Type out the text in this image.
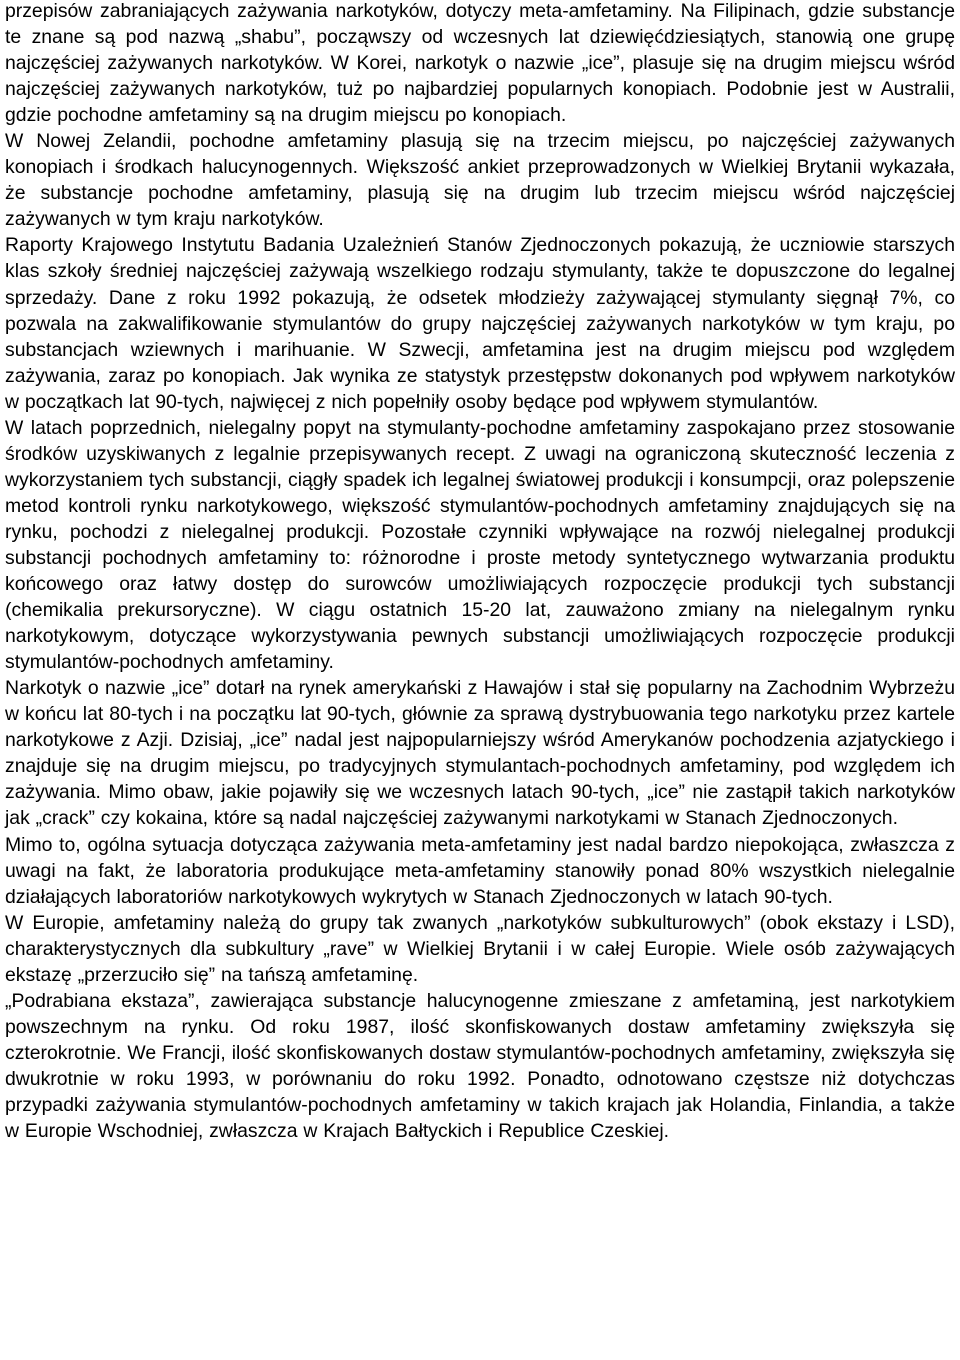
przepisów zabraniających zażywania narkotyków, dotyczy meta-amfetaminy. Na Filipinach, gdzie substancje te znane są pod nazwą „shabu”, począwszy od wczesnych lat dziewięćdziesiątych, stanowią one grupę najczęściej zażywanych narkotyków. W Korei, narkotyk o nazwie „ice”, plasuje się na drugim miejscu wśród najczęściej zażywanych narkotyków, tuż po najbardziej popularnych konopiach. Podobnie jest w Australii, gdzie pochodne amfetaminy są na drugim miejscu po konopiach.

W Nowej Zelandii, pochodne amfetaminy plasują się na trzecim miejscu, po najczęściej zażywanych konopiach i środkach halucynogennych. Większość ankiet przeprowadzonych w Wielkiej Brytanii wykazała, że substancje pochodne amfetaminy, plasują się na drugim lub trzecim miejscu wśród najczęściej zażywanych w tym kraju narkotyków.

Raporty Krajowego Instytutu Badania Uzależnień Stanów Zjednoczonych pokazują, że uczniowie starszych klas szkoły średniej najczęściej zażywają wszelkiego rodzaju stymulanty, także te dopuszczone do legalnej sprzedaży. Dane z roku 1992 pokazują, że odsetek młodzieży zażywającej stymulanty sięgnął 7%, co pozwala na zakwalifikowanie stymulantów do grupy najczęściej zażywanych narkotyków w tym kraju, po substancjach wziewnych i marihuanie. W Szwecji, amfetamina jest na drugim miejscu pod względem zażywania, zaraz po konopiach. Jak wynika ze statystyk przestępstw dokonanych pod wpływem narkotyków w początkach lat 90-tych, najwięcej z nich popełniły osoby będące pod wpływem stymulantów.

W latach poprzednich, nielegalny popyt na stymulanty-pochodne amfetaminy zaspokajano przez stosowanie środków uzyskiwanych z legalnie przepisywanych recept. Z uwagi na ograniczoną skuteczność leczenia z wykorzystaniem tych substancji, ciągły spadek ich legalnej światowej produkcji i konsumpcji, oraz polepszenie metod kontroli rynku narkotykowego, większość stymulantów-pochodnych amfetaminy znajdujących się na rynku, pochodzi z nielegalnej produkcji. Pozostałe czynniki wpływające na rozwój nielegalnej produkcji substancji pochodnych amfetaminy to: różnorodne i proste metody syntetycznego wytwarzania produktu końcowego oraz łatwy dostęp do surowców umożliwiających rozpoczęcie produkcji tych substancji (chemikalia prekursoryczne). W ciągu ostatnich 15-20 lat, zauważono zmiany na nielegalnym rynku narkotykowym, dotyczące wykorzystywania pewnych substancji umożliwiających rozpoczęcie produkcji stymulantów-pochodnych amfetaminy.

Narkotyk o nazwie „ice” dotarł na rynek amerykański z Hawajów i stał się popularny na Zachodnim Wybrzeżu w końcu lat 80-tych i na początku lat 90-tych, głównie za sprawą dystrybuowania tego narkotyku przez kartele narkotykowe z Azji. Dzisiaj, „ice” nadal jest najpopularniejszy wśród Amerykanów pochodzenia azjatyckiego i znajduje się na drugim miejscu, po tradycyjnych stymulantach-pochodnych amfetaminy, pod względem ich zażywania. Mimo obaw, jakie pojawiły się we wczesnych latach 90-tych, „ice” nie zastąpił takich narkotyków jak „crack” czy kokaina, które są nadal najczęściej zażywanymi narkotykami w Stanach Zjednoczonych.

Mimo to, ogólna sytuacja dotycząca zażywania meta-amfetaminy jest nadal bardzo niepokojąca, zwłaszcza z uwagi na fakt, że laboratoria produkujące meta-amfetaminy stanowiły ponad 80% wszystkich nielegalnie działających laboratoriów narkotykowych wykrytych w Stanach Zjednoczonych w latach 90-tych.

W Europie, amfetaminy należą do grupy tak zwanych „narkotyków subkulturowych” (obok ekstazy i LSD), charakterystycznych dla subkultury „rave” w Wielkiej Brytanii i w całej Europie. Wiele osób zażywających ekstazę „przerzuciło się” na tańszą amfetaminę.

„Podrabiana ekstaza”, zawierająca substancje halucynogenne zmieszane z amfetaminą, jest narkotykiem powszechnym na rynku. Od roku 1987, ilość skonfiskowanych dostaw amfetaminy zwiększyła się czterokrotnie. We Francji, ilość skonfiskowanych dostaw stymulantów-pochodnych amfetaminy, zwiększyła się dwukrotnie w roku 1993, w porównaniu do roku 1992. Ponadto, odnotowano częstsze niż dotychczas przypadki zażywania stymulantów-pochodnych amfetaminy w takich krajach jak Holandia, Finlandia, a także w Europie Wschodniej, zwłaszcza w Krajach Bałtyckich i Republice Czeskiej.
